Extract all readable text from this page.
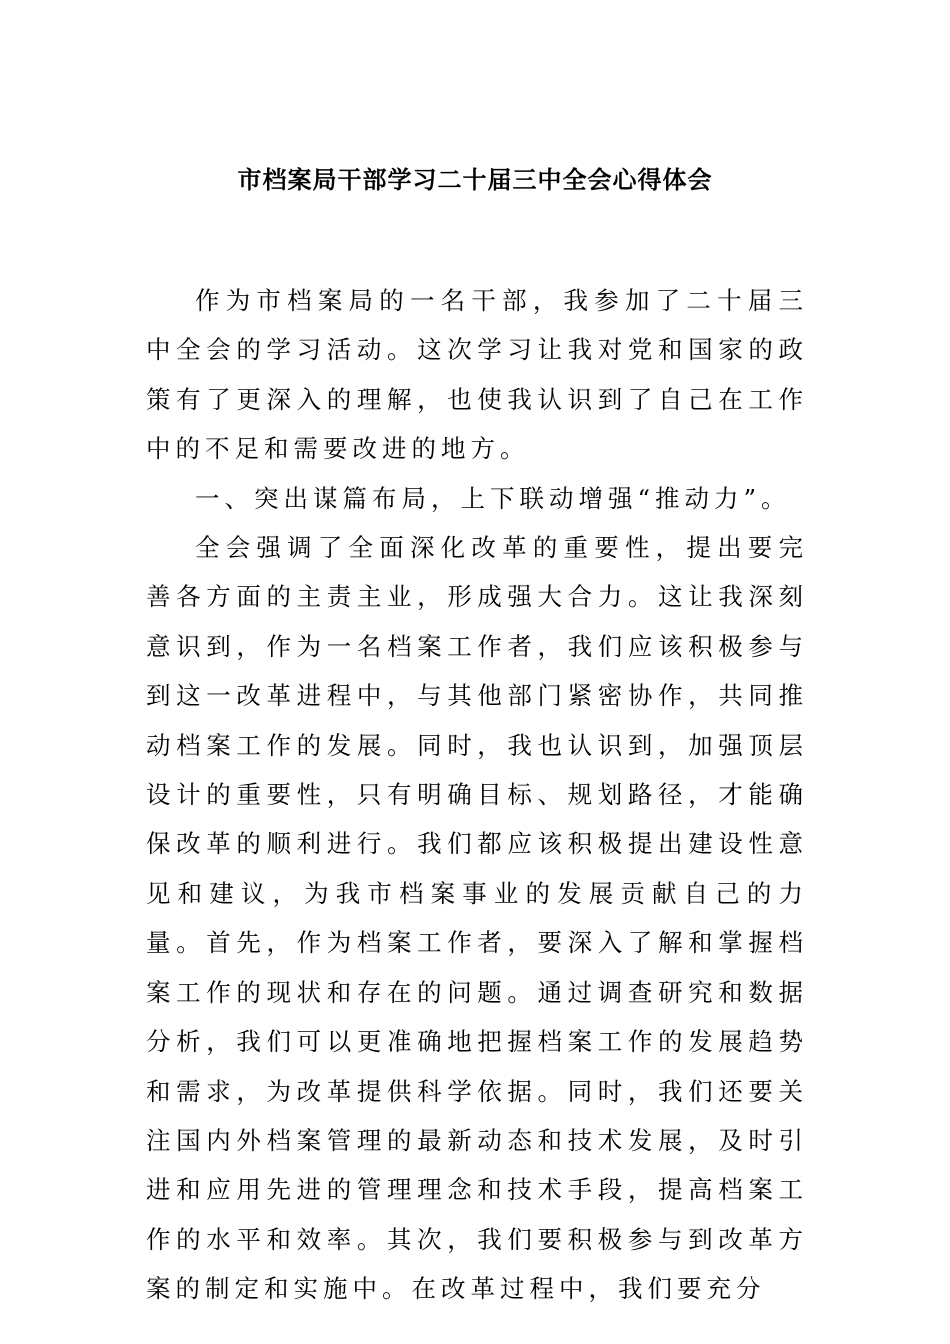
市档案局干部学习二十届三中全会心得体会

作为市档案局的一名干部，我参加了二十届三中全会的学习活动。这次学习让我对党和国家的政策有了更深入的理解，也使我认识到了自己在工作中的不足和需要改进的地方。

一、突出谋篇布局，上下联动增强“推动力”。

全会强调了全面深化改革的重要性，提出要完善各方面的主责主业，形成强大合力。这让我深刻意识到，作为一名档案工作者，我们应该积极参与到这一改革进程中，与其他部门紧密协作，共同推动档案工作的发展。同时，我也认识到，加强顶层设计的重要性，只有明确目标、规划路径，才能确保改革的顺利进行。我们都应该积极提出建设性意见和建议，为我市档案事业的发展贡献自己的力量。首先，作为档案工作者，要深入了解和掌握档案工作的现状和存在的问题。通过调查研究和数据分析，我们可以更准确地把握档案工作的发展趋势和需求，为改革提供科学依据。同时，我们还要关注国内外档案管理的最新动态和技术发展，及时引进和应用先进的管理理念和技术手段，提高档案工作的水平和效率。其次，我们要积极参与到改革方案的制定和实施中。在改革过程中，我们要充分
